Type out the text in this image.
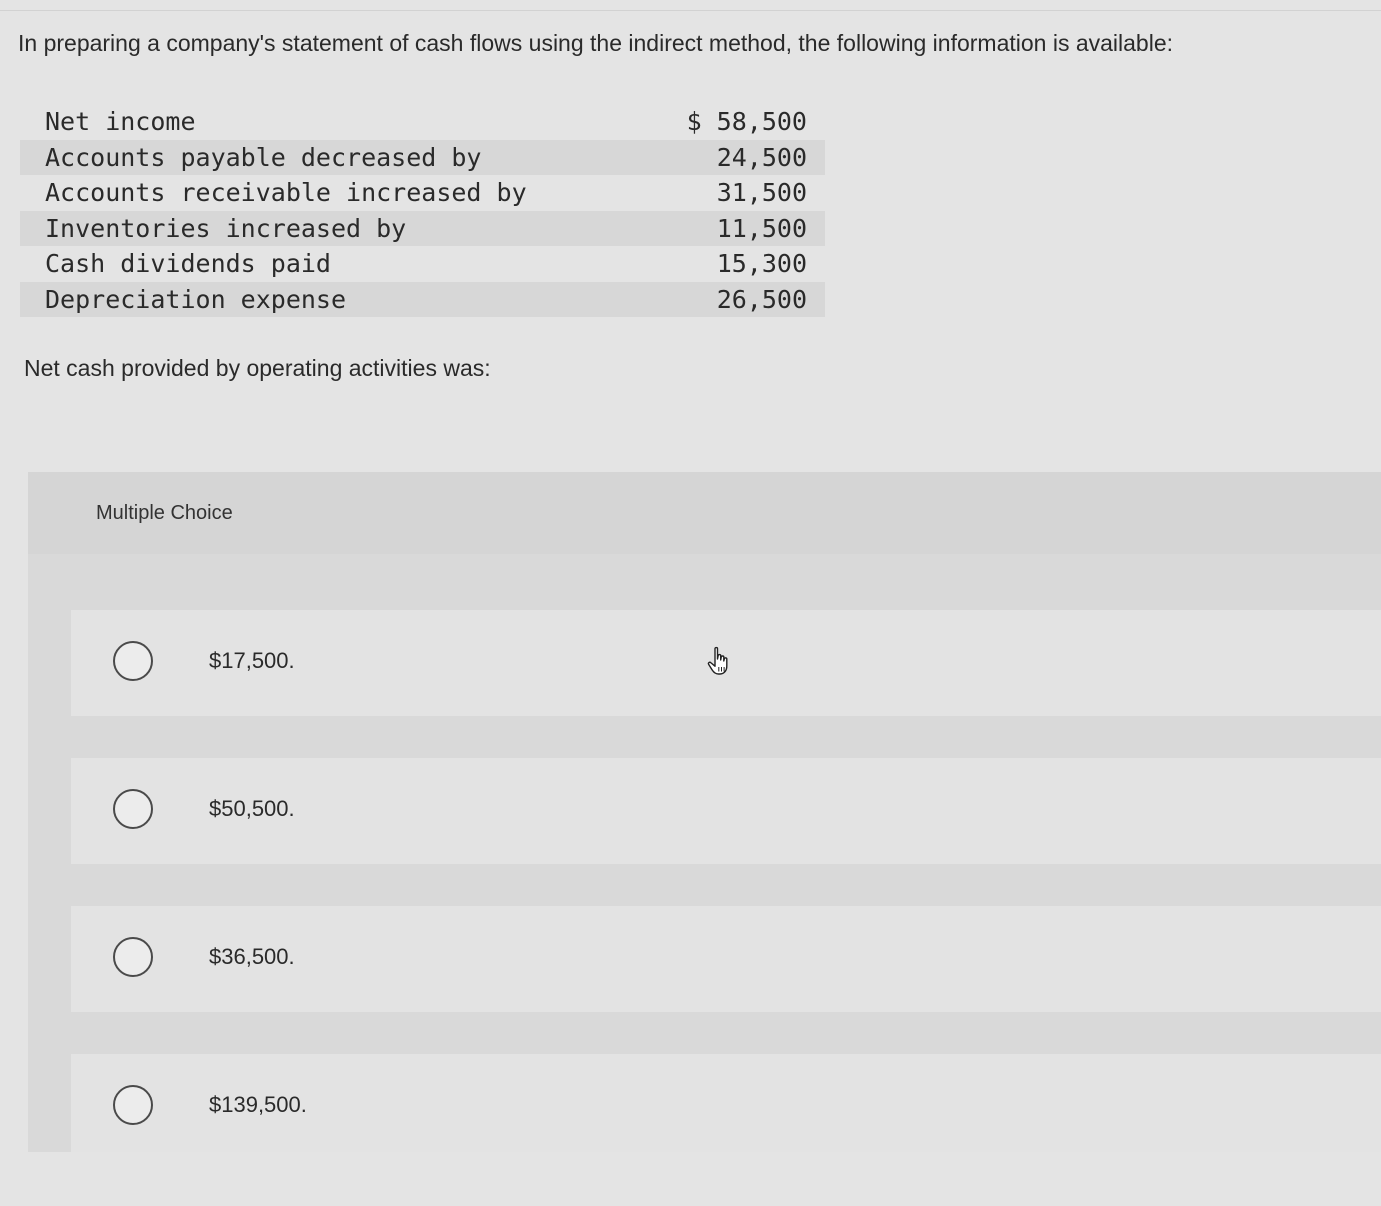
In preparing a company's statement of cash flows using the indirect method, the following information is available:
Net income	$ 58,500
Accounts payable decreased by	24,500
Accounts receivable increased by	31,500
Inventories increased by	11,500
Cash dividends paid	15,300
Depreciation expense	26,500
Net cash provided by operating activities was:
Multiple Choice
$17,500.
$50,500.
$36,500.
$139,500.
